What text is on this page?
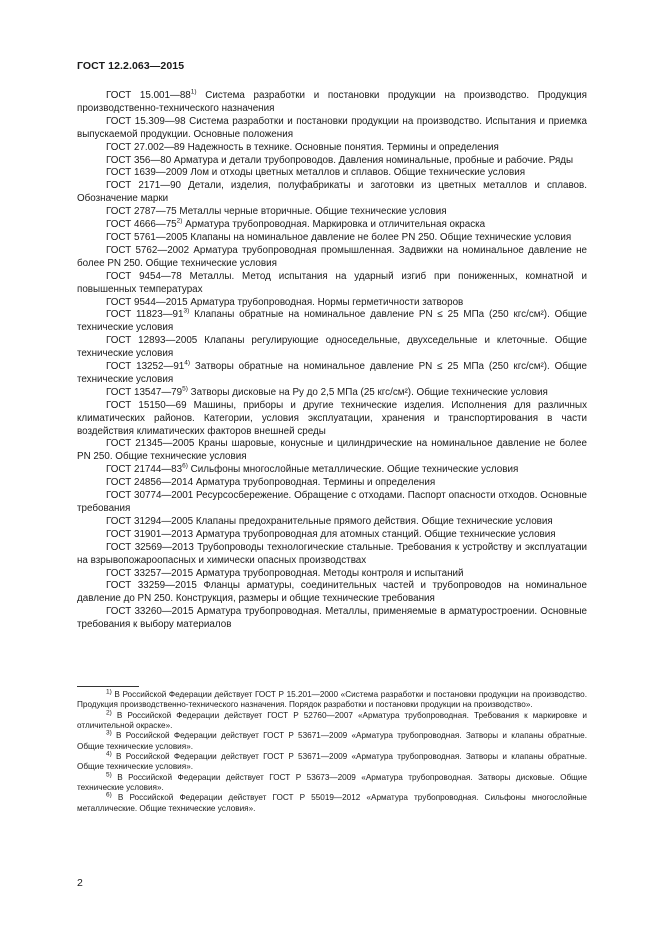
ГОСТ 12.2.063—2015

ГОСТ 15.001—88$^{1)}$ Система разработки и постановки продукции на производство. Продукция производственно-технического назначения

ГОСТ 15.309—98 Система разработки и постановки продукции на производство. Испытания и приемка выпускаемой продукции. Основные положения

ГОСТ 27.002—89 Надежность в технике. Основные понятия. Термины и определения

ГОСТ 356—80 Арматура и детали трубопроводов. Давления номинальные, пробные и рабочие. Ряды

ГОСТ 1639—2009 Лом и отходы цветных металлов и сплавов. Общие технические условия

ГОСТ 2171—90 Детали, изделия, полуфабрикаты и заготовки из цветных металлов и сплавов. Обозначение марки

ГОСТ 2787—75 Металлы черные вторичные. Общие технические условия

ГОСТ 4666—75$^{2)}$ Арматура трубопроводная. Маркировка и отличительная окраска

ГОСТ 5761—2005 Клапаны на номинальное давление не более PN 250. Общие технические условия

ГОСТ 5762—2002 Арматура трубопроводная промышленная. Задвижки на номинальное давление не более PN 250. Общие технические условия

ГОСТ 9454—78 Металлы. Метод испытания на ударный изгиб при пониженных, комнатной и повышенных температурах

ГОСТ 9544—2015 Арматура трубопроводная. Нормы герметичности затворов

ГОСТ 11823—91$^{3)}$ Клапаны обратные на номинальное давление PN ≤ 25 МПа (250 кгс/см²). Общие технические условия

ГОСТ 12893—2005 Клапаны регулирующие односедельные, двухседельные и клеточные. Общие технические условия

ГОСТ 13252—91$^{4)}$ Затворы обратные на номинальное давление PN ≤ 25 МПа (250 кгс/см²). Общие технические условия

ГОСТ 13547—79$^{5)}$ Затворы дисковые на Pу до 2,5 МПа (25 кгс/см²). Общие технические условия

ГОСТ 15150—69 Машины, приборы и другие технические изделия. Исполнения для различных климатических районов. Категории, условия эксплуатации, хранения и транспортирования в части воздействия климатических факторов внешней среды

ГОСТ 21345—2005 Краны шаровые, конусные и цилиндрические на номинальное давление не более PN 250. Общие технические условия

ГОСТ 21744—83$^{6)}$ Сильфоны многослойные металлические. Общие технические условия

ГОСТ 24856—2014 Арматура трубопроводная. Термины и определения

ГОСТ 30774—2001 Ресурсосбережение. Обращение с отходами. Паспорт опасности отходов. Основные требования

ГОСТ 31294—2005 Клапаны предохранительные прямого действия. Общие технические условия

ГОСТ 31901—2013 Арматура трубопроводная для атомных станций. Общие технические условия

ГОСТ 32569—2013 Трубопроводы технологические стальные. Требования к устройству и эксплуатации на взрывопожароопасных и химически опасных производствах

ГОСТ 33257—2015 Арматура трубопроводная. Методы контроля и испытаний

ГОСТ 33259—2015 Фланцы арматуры, соединительных частей и трубопроводов на номинальное давление до PN 250. Конструкция, размеры и общие технические требования

ГОСТ 33260—2015 Арматура трубопроводная. Металлы, применяемые в арматуростроении. Основные требования к выбору материалов

$^{1)}$ В Российской Федерации действует ГОСТ Р 15.201—2000 «Система разработки и постановки продукции на производство. Продукция производственно-технического назначения. Порядок разработки и постановки продукции на производство».

$^{2)}$ В Российской Федерации действует ГОСТ Р 52760—2007 «Арматура трубопроводная. Требования к маркировке и отличительной окраске».

$^{3)}$ В Российской Федерации действует ГОСТ Р 53671—2009 «Арматура трубопроводная. Затворы и клапаны обратные. Общие технические условия».

$^{4)}$ В Российской Федерации действует ГОСТ Р 53671—2009 «Арматура трубопроводная. Затворы и клапаны обратные. Общие технические условия».

$^{5)}$ В Российской Федерации действует ГОСТ Р 53673—2009 «Арматура трубопроводная. Затворы дисковые. Общие технические условия».

$^{6)}$ В Российской Федерации действует ГОСТ Р 55019—2012 «Арматура трубопроводная. Сильфоны многослойные металлические. Общие технические условия».

2
